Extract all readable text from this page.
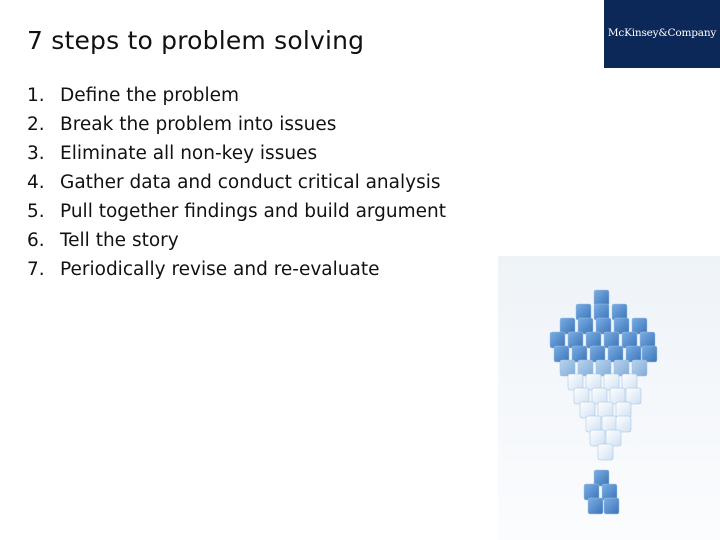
7 steps to problem solving	McKinsey&Company
1. Define the problem
2. Break the problem into issues
3. Eliminate all non-key issues
4. Gather data and conduct critical analysis
5. Pull together findings and build argument
6. Tell the story
7. Periodically revise and re-evaluate
